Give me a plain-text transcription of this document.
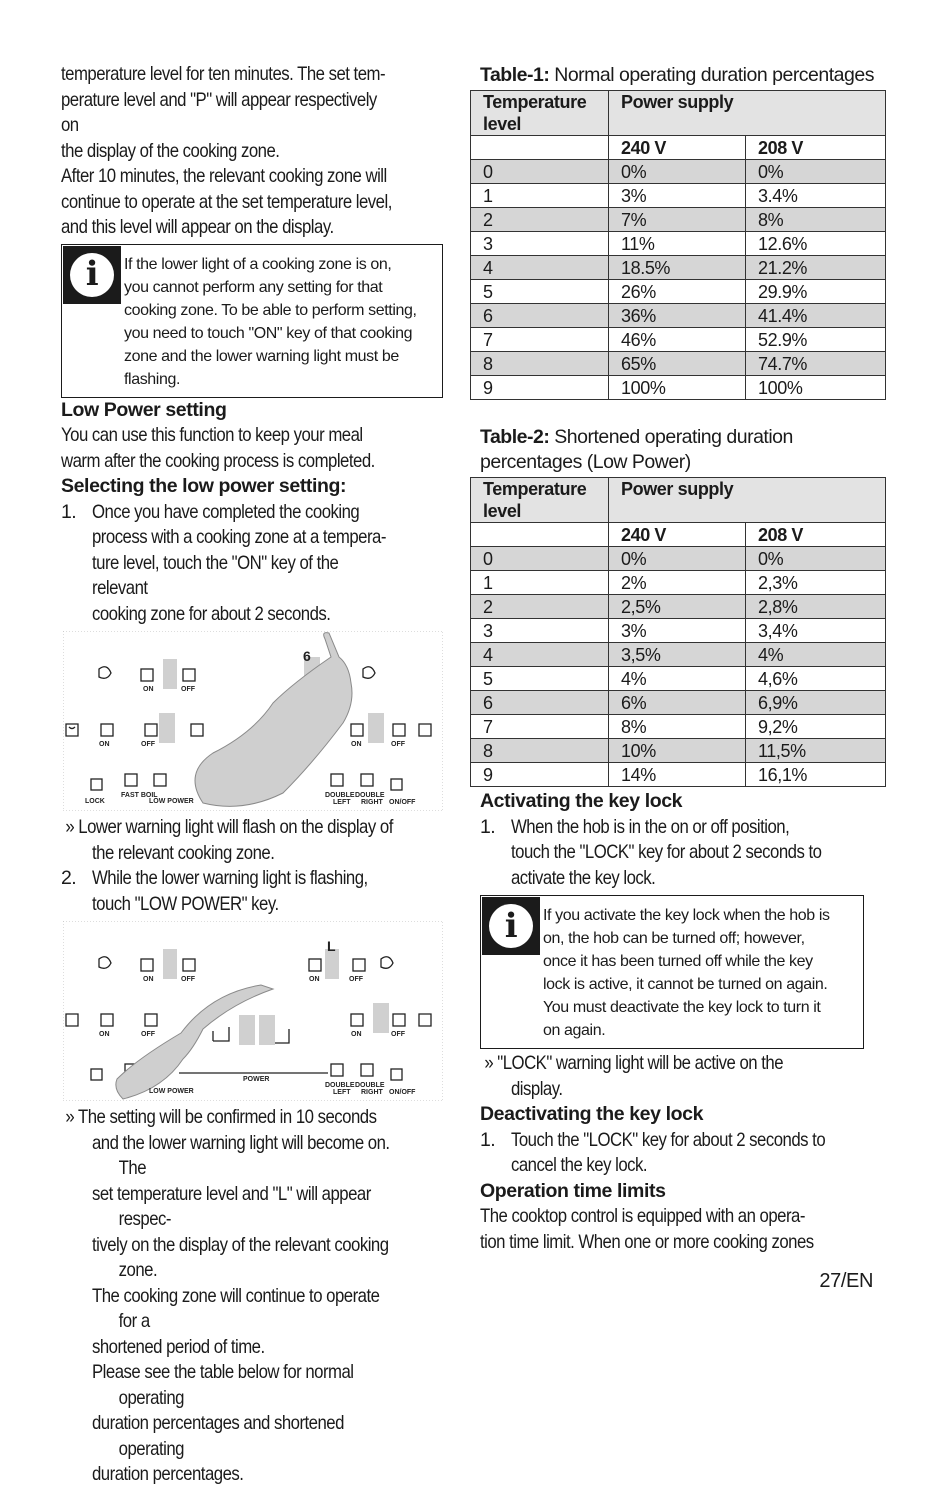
temperature level for ten minutes. The set tem-

perature level and "P" will appear respectively on

the display of the cooking zone.

After 10 minutes, the relevant cooking zone will

continue to operate at the set temperature level,

and this level will appear on the display.

i	If the lower light of a cooking zone is on,
you cannot perform any setting for that
cooking zone. To be able to perform setting,
you need to touch "ON" key of that cooking
zone and the lower warning light must be
flashing.
Low Power setting

You can use this function to keep your meal

warm after the cooking process is completed.

Selecting the low power setting:
1. Once you have completed the cooking

process with a cooking zone at a tempera-

ture level, touch the "ON" key of the relevant

cooking zone for about 2 seconds.

6
ON	OFF
ON	OFF	ON	OFF
LOCK
FAST BOIL
LOW POWER
DOUBLE DOUBLE
LEFT RIGHT ON/OFF

» Lower warning light will flash on the display of

the relevant cooking zone.

2. While the lower warning light is flashing,

touch "LOW POWER" key.

L
ON	OFF	ON	OFF
ON	OFF	ON	OFF
POWER
LOW POWER
DOUBLE DOUBLE
LEFT RIGHT ON/OFF

» The setting will be confirmed in 10 seconds

and the lower warning light will become on. The

set temperature level and "L" will appear respec-

tively on the display of the relevant cooking zone.

The cooking zone will continue to operate for a

shortened period of time.

Please see the table below for normal operating

duration percentages and shortened operating

duration percentages.

Table-1: Normal operating duration percentages
Temperature
level	Power supply	
	240 V	208 V
0	0%	0%
1	3%	3.4%
2	7%	8%
3	11%	12.6%
4	18.5%	21.2%
5	26%	29.9%
6	36%	41.4%
7	46%	52.9%
8	65%	74.7%
9	100%	100%
Table-2: Shortened operating duration
percentages (Low Power)
Temperature
level	Power supply	
	240 V	208 V
0	0%	0%
1	2%	2,3%
2	2,5%	2,8%
3	3%	3,4%
4	3,5%	4%
5	4%	4,6%
6	6%	6,9%
7	8%	9,2%
8	10%	11,5%
9	14%	16,1%
Activating the key lock
1. When the hob is in the on or off position,

touch the "LOCK" key for about 2 seconds to

activate the key lock.

i	If you activate the key lock when the hob is
on, the hob can be turned off; however,
once it has been turned off while the key
lock is active, it cannot be turned on again.
You must deactivate the key lock to turn it
on again.

» "LOCK" warning light will be active on the

display.

Deactivating the key lock
1. Touch the "LOCK" key for about 2 seconds to

cancel the key lock.

Operation time limits

The cooktop control is equipped with an opera-

tion time limit. When one or more cooking zones

27/EN
